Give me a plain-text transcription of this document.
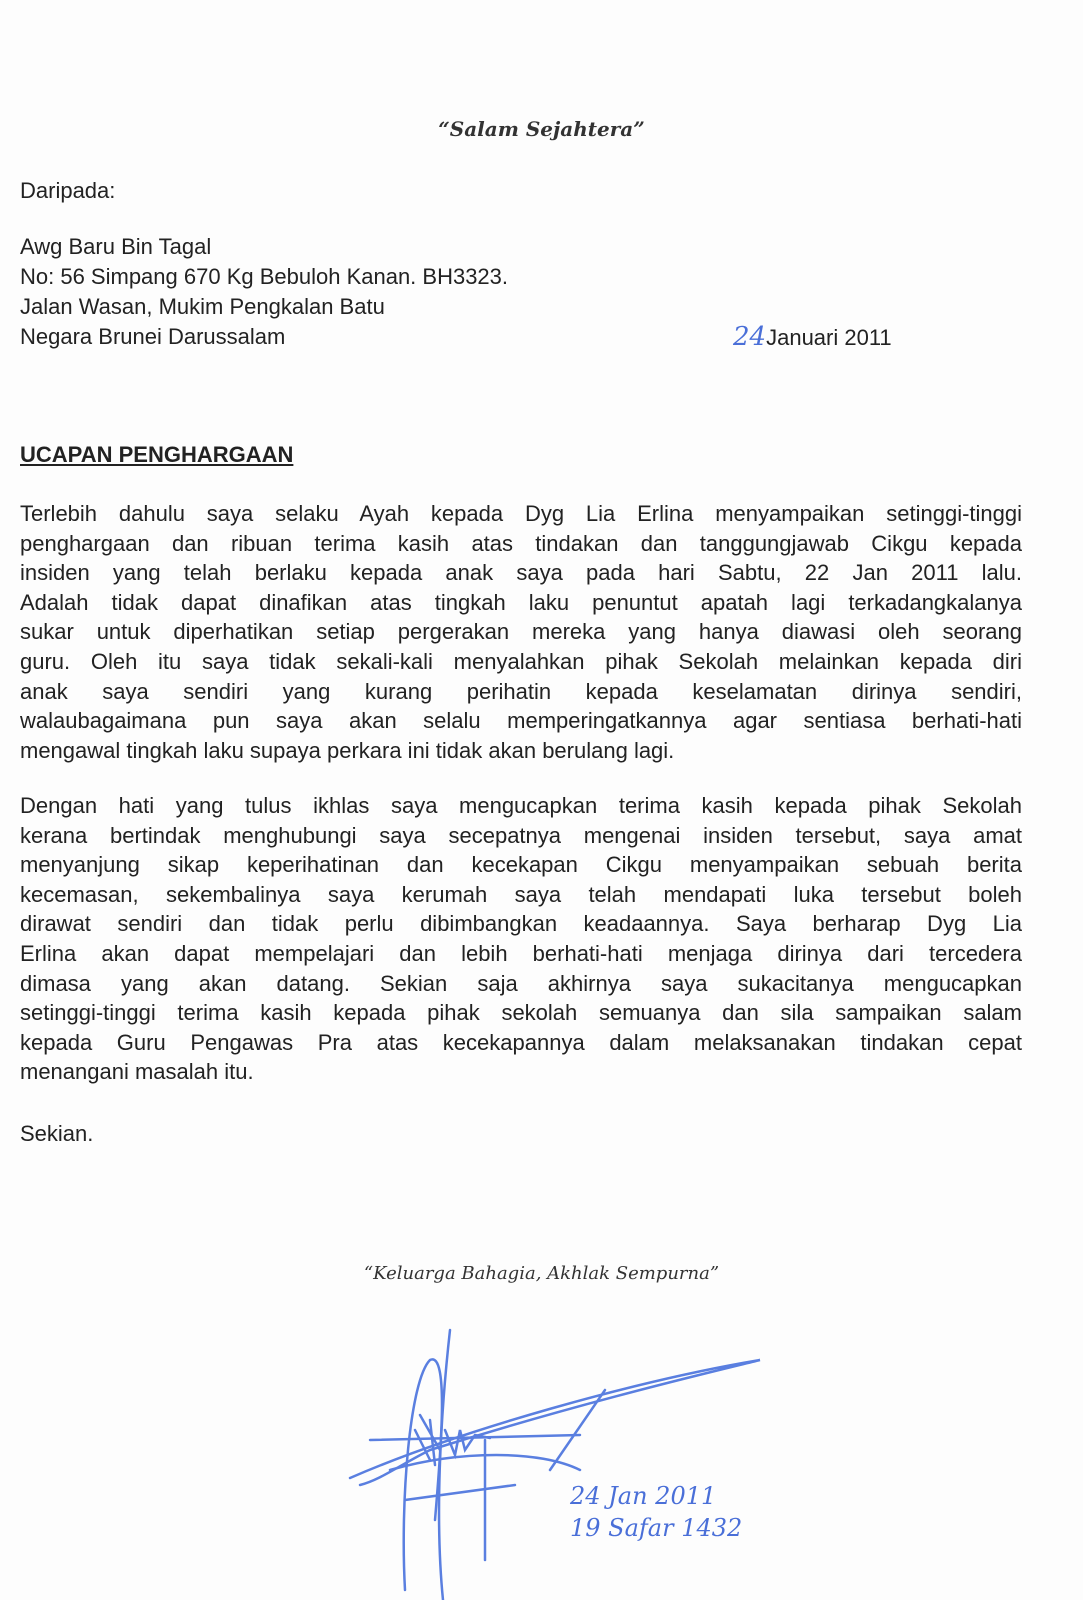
“Salam Sejahtera”
Daripada:
Awg Baru Bin Tagal
No: 56 Simpang 670 Kg Bebuloh Kanan. BH3323.
Jalan Wasan, Mukim Pengkalan Batu
Negara Brunei Darussalam	24Januari 2011
UCAPAN PENGHARGAAN
Terlebih dahulu saya selaku Ayah kepada Dyg Lia Erlina menyampaikan setinggi-tinggi
penghargaan dan ribuan terima kasih atas tindakan dan tanggungjawab Cikgu kepada
insiden yang telah berlaku kepada anak saya pada hari Sabtu, 22 Jan 2011 lalu.
Adalah tidak dapat dinafikan atas tingkah laku penuntut apatah lagi terkadangkalanya
sukar untuk diperhatikan setiap pergerakan mereka yang hanya diawasi oleh seorang
guru. Oleh itu saya tidak sekali-kali menyalahkan pihak Sekolah melainkan kepada diri
anak saya sendiri yang kurang perihatin kepada keselamatan dirinya sendiri,
walaubagaimana pun saya akan selalu memperingatkannya agar sentiasa berhati-hati
mengawal tingkah laku supaya perkara ini tidak akan berulang lagi.
Dengan hati yang tulus ikhlas saya mengucapkan terima kasih kepada pihak Sekolah
kerana bertindak menghubungi saya secepatnya mengenai insiden tersebut, saya amat
menyanjung sikap keperihatinan dan kecekapan Cikgu menyampaikan sebuah berita
kecemasan, sekembalinya saya kerumah saya telah mendapati luka tersebut boleh
dirawat sendiri dan tidak perlu dibimbangkan keadaannya. Saya berharap Dyg Lia
Erlina akan dapat mempelajari dan lebih berhati-hati menjaga dirinya dari tercedera
dimasa yang akan datang. Sekian saja akhirnya saya sukacitanya mengucapkan
setinggi-tinggi terima kasih kepada pihak sekolah semuanya dan sila sampaikan salam
kepada Guru Pengawas Pra atas kecekapannya dalam melaksanakan tindakan cepat
menangani masalah itu.
Sekian.
“Keluarga Bahagia, Akhlak Sempurna”
24 Jan 2011
19 Safar 1432
